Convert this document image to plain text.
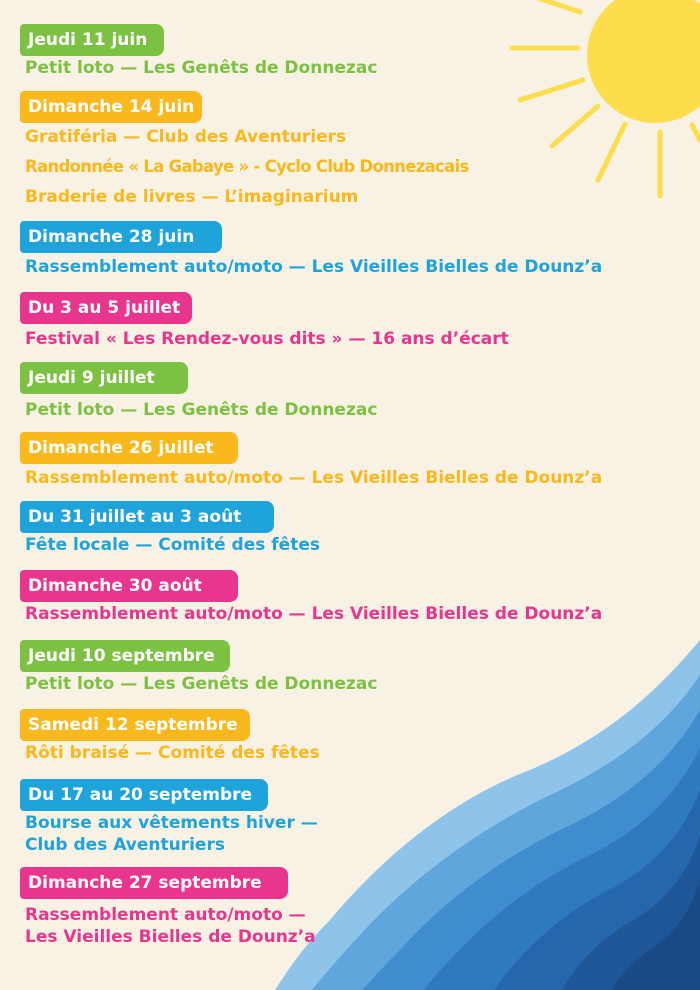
Jeudi 11 juin
Petit loto — Les Genêts de Donnezac
Dimanche 14 juin
Gratiféria — Club des Aventuriers
Randonnée « La Gabaye » - Cyclo Club Donnezacais
Braderie de livres — L’imaginarium
Dimanche 28 juin
Rassemblement auto/moto — Les Vieilles Bielles de Dounz’a
Du 3 au 5 juillet
Festival « Les Rendez-vous dits » — 16 ans d’écart
Jeudi 9 juillet
Petit loto — Les Genêts de Donnezac
Dimanche 26 juillet
Rassemblement auto/moto — Les Vieilles Bielles de Dounz’a
Du 31 juillet au 3 août
Fête locale — Comité des fêtes
Dimanche 30 août
Rassemblement auto/moto — Les Vieilles Bielles de Dounz’a
Jeudi 10 septembre
Petit loto — Les Genêts de Donnezac
Samedi 12 septembre
Rôti braisé — Comité des fêtes
Du 17 au 20 septembre
Bourse aux vêtements hiver —
Club des Aventuriers
Dimanche 27 septembre
Rassemblement auto/moto —
Les Vieilles Bielles de Dounz’a
